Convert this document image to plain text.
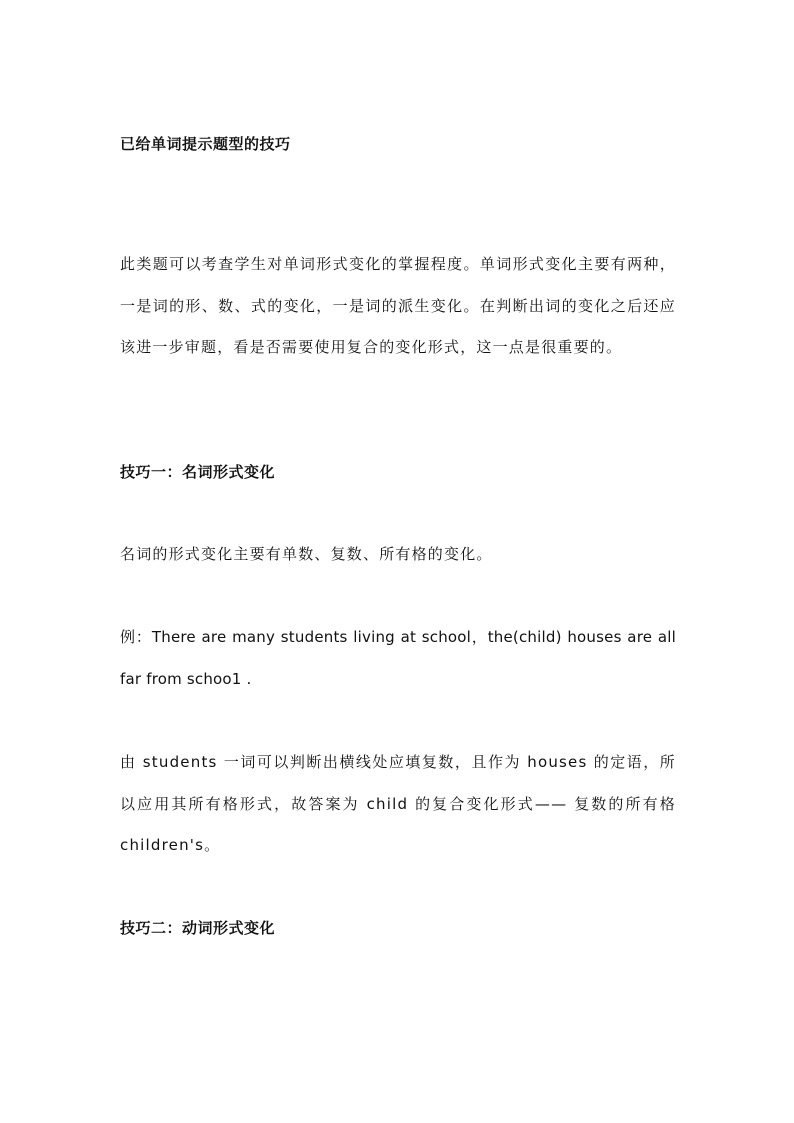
已给单词提示题型的技巧

此类题可以考查学生对单词形式变化的掌握程度。单词形式变化主要有两种，一是词的形、数、式的变化，一是词的派生变化。在判断出词的变化之后还应该进一步审题，看是否需要使用复合的变化形式，这一点是很重要的。

技巧一：名词形式变化

名词的形式变化主要有单数、复数、所有格的变化。

例：There are many students living at school，the(child) houses are all far from schoo1 .

由 students 一词可以判断出横线处应填复数，且作为 houses 的定语，所以应用其所有格形式，故答案为 child 的复合变化形式—— 复数的所有格 children's。

技巧二：动词形式变化
